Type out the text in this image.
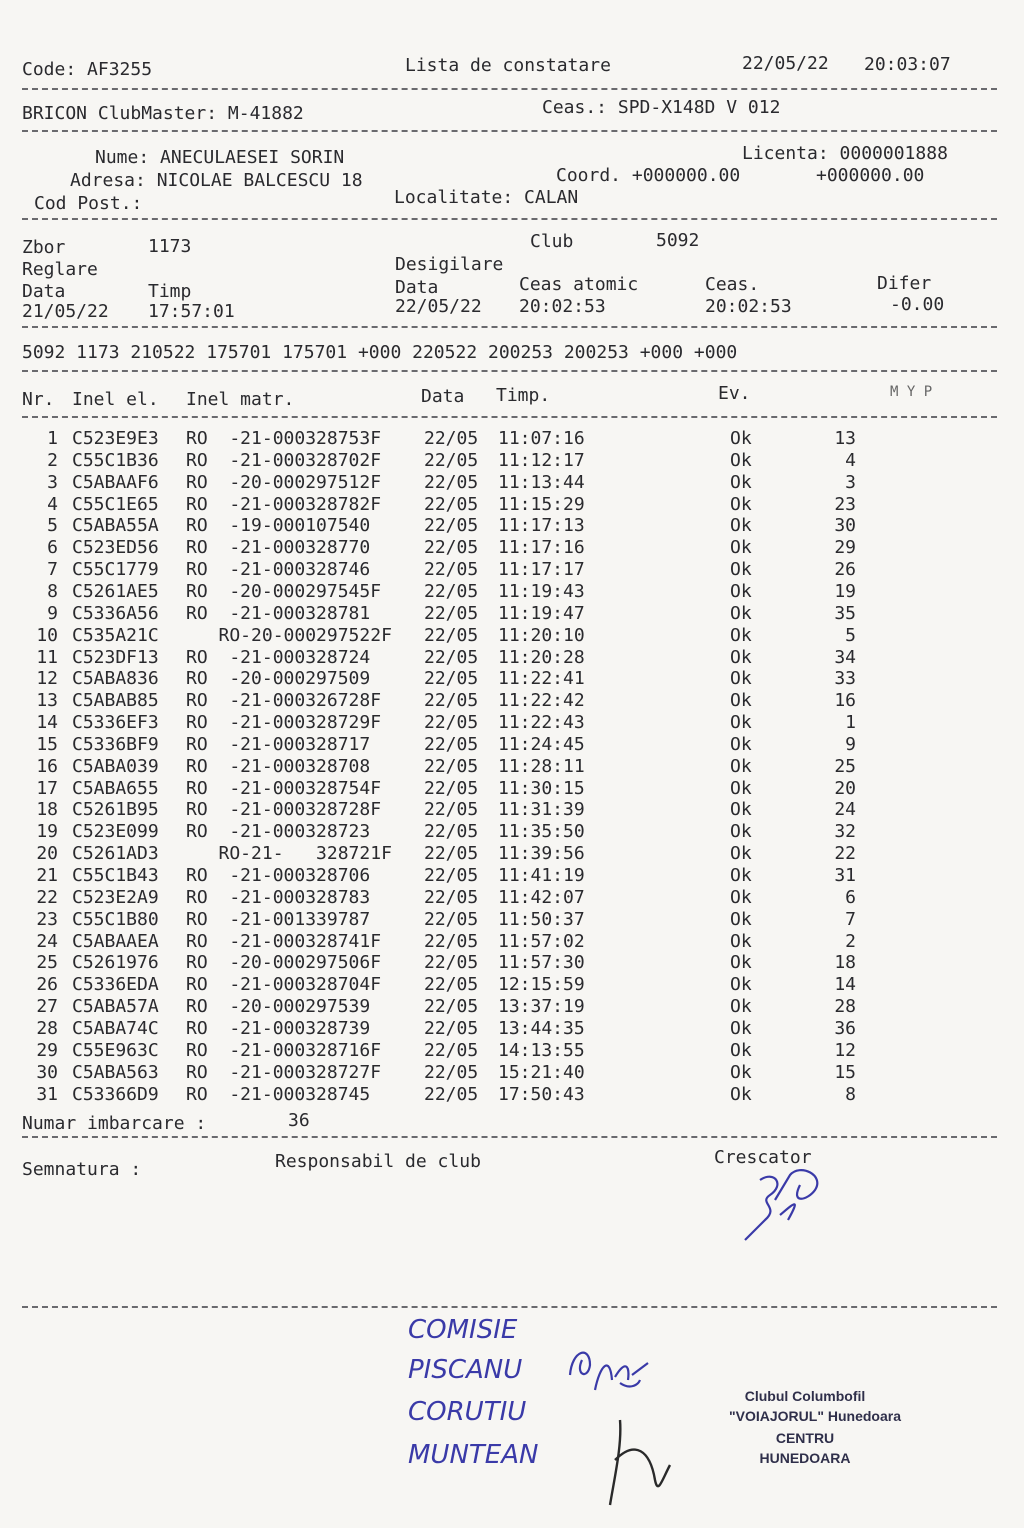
Code: AF3255	Lista de constatare	22/05/22 20:03:07
BRICON ClubMaster: M-41882	Ceas.: SPD-X148D V 012
Nume: ANECULAESEI SORIN	Licenta: 0000001888
Adresa: NICOLAE BALCESCU 18	Coord. +000000.00	+000000.00
Cod Post.:	Localitate: CALAN
Zbor	1173	Club	5092
Reglare	Desigilare
Data	Timp	Data	Ceas atomic	Ceas.	Difer
21/05/22 17:57:01	22/05/22 20:02:53	20:02:53	-0.00
5092 1173 210522 175701 175701 +000 220522 200253 200253 +000 +000
Nr. Inel el. Inel matr.	Data Timp.	Ev.	M Y P
1 C523E9E3 RO  -21-000328753F 22/05 11:07:16	Ok	13
2 C55C1B36 RO  -21-000328702F 22/05 11:12:17	Ok	4
3 C5ABAAF6 RO  -20-000297512F 22/05 11:13:44	Ok	3
4 C55C1E65 RO  -21-000328782F 22/05 11:15:29	Ok	23
5 C5ABA55A RO  -19-000107540	22/05 11:17:13	Ok	30
6 C523ED56 RO  -21-000328770	22/05 11:17:16	Ok	29
7 C55C1779 RO  -21-000328746	22/05 11:17:17	Ok	26
8 C5261AE5 RO  -20-000297545F 22/05 11:19:43	Ok	19
9 C5336A56 RO  -21-000328781	22/05 11:19:47	Ok	35
10 C535A21C RO-20-000297522F 22/05 11:20:10	Ok	5
11 C523DF13 RO  -21-000328724	22/05 11:20:28	Ok	34
12 C5ABA836 RO  -20-000297509	22/05 11:22:41	Ok	33
13 C5ABAB85 RO  -21-000326728F 22/05 11:22:42	Ok	16
14 C5336EF3 RO  -21-000328729F 22/05 11:22:43	Ok	1
15 C5336BF9 RO  -21-000328717	22/05 11:24:45	Ok	9
16 C5ABA039 RO  -21-000328708	22/05 11:28:11	Ok	25
17 C5ABA655 RO  -21-000328754F 22/05 11:30:15	Ok	20
18 C5261B95 RO  -21-000328728F 22/05 11:31:39	Ok	24
19 C523E099 RO  -21-000328723	22/05 11:35:50	Ok	32
20 C5261AD3 RO-21-   328721F 22/05 11:39:56	Ok	22
21 C55C1B43 RO  -21-000328706	22/05 11:41:19	Ok	31
22 C523E2A9 RO  -21-000328783	22/05 11:42:07	Ok	6
23 C55C1B80 RO  -21-001339787	22/05 11:50:37	Ok	7
24 C5ABAAEA RO  -21-000328741F 22/05 11:57:02	Ok	2
25 C5261976 RO  -20-000297506F 22/05 11:57:30	Ok	18
26 C5336EDA RO  -21-000328704F 22/05 12:15:59	Ok	14
27 C5ABA57A RO  -20-000297539	22/05 13:37:19	Ok	28
28 C5ABA74C RO  -21-000328739	22/05 13:44:35	Ok	36
29 C55E963C RO  -21-000328716F 22/05 14:13:55	Ok	12
30 C5ABA563 RO  -21-000328727F 22/05 15:21:40	Ok	15
31 C53366D9 RO  -21-000328745	22/05 17:50:43	Ok	8
Numar imbarcare :	36
Semnatura :	Responsabil de club	Crescator
COMISIE
PISCANU
CORUTIU
MUNTEAN
Clubul Columbofil
"VOIAJORUL" Hunedoara
CENTRU
HUNEDOARA
